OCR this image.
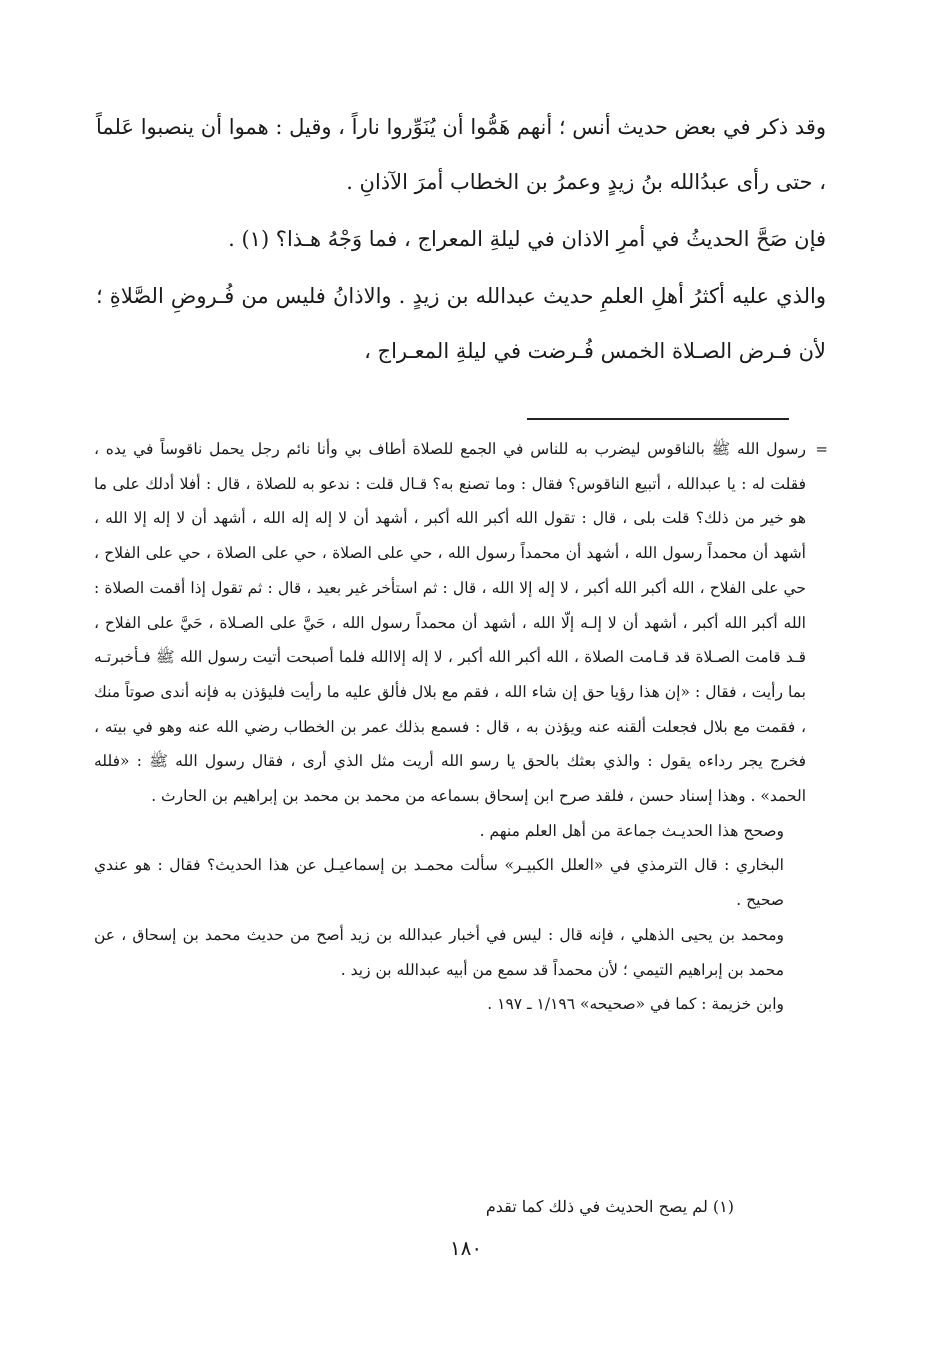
وقد ذكر في بعض حديث أنس ؛ أنهم هَمُّوا أن يُنَوِّروا ناراً ، وقيل : هموا أن ينصبوا عَلماً ، حتى رأى عبدُالله بنُ زيدٍ وعمرُ بن الخطاب أمرَ الآذانِ .

فإن صَحَّ الحديثُ في أمرِ الاذان في ليلةِ المعراج ، فما وَجْهُ هـذا؟ (١) .

والذي عليه أكثرُ أهلِ العلمِ حديث عبدالله بن زيدٍ . والاذانُ فليس من فُـروضِ الصَّلاةِ ؛ لأن فـرض الصـلاة الخمس فُـرضت في ليلةِ المعـراج ،

=

رسول الله ﷺ بالناقوس ليضرب به للناس في الجمع للصلاة أطاف بي وأنا نائم رجل يحمل ناقوساً في يده ، فقلت له : يا عبدالله ، أتبيع الناقوس؟ فقال : وما تصنع به؟ قـال قلت : ندعو به للصلاة ، قال : أفلا أدلك على ما هو خير من ذلك؟ قلت بلى ، قال : تقول الله أكبر الله أكبر ، أشهد أن لا إله إله الله ، أشهد أن لا إله إلا الله ، أشهد أن محمداً رسول الله ، أشهد أن محمداً رسول الله ، حي على الصلاة ، حي على الصلاة ، حي على الفلاح ، حي على الفلاح ، الله أكبر الله أكبر ، لا إله إلا الله ، قال : ثم استأخر غير بعيد ، قال : ثم تقول إذا أقمت الصلاة : الله أكبر الله أكبر ، أشهد أن لا إلـه إلّا الله ، أشهد أن محمداً رسول الله ، حَيَّ على الصـلاة ، حَيَّ على الفلاح ، قـد قامت الصـلاة قد قـامت الصلاة ، الله أكبر الله أكبر ، لا إله إلاالله فلما أصبحت أتيت رسول الله ﷺ فـأخبرتـه بما رأيت ، فقال : «إن هذا رؤيا حق إن شاء الله ، فقم مع بلال فألق عليه ما رأيت فليؤذن به فإنه أندى صوتاً منك ، فقمت مع بلال فجعلت ألقنه عنه ويؤذن به ، قال : فسمع بذلك عمر بن الخطاب رضي الله عنه وهو في بيته ، فخرج يجر رداءه يقول : والذي بعثك بالحق يا رسو الله أريت مثل الذي أرى ، فقال رسول الله ﷺ : «فلله الحمد» . وهذا إسناد حسن ، فلقد صرح ابن إسحاق بسماعه من محمد بن محمد بن إبراهيم بن الحارث .

وصحح هذا الحديـث جماعة من أهل العلم منهم .

البخاري : قال الترمذي في «العلل الكبيـر» سألت محمـد بن إسماعيـل عن هذا الحديث؟ فقال : هو عندي صحيح .

ومحمد بن يحيى الذهلي ، فإنه قال : ليس في أخبار عبدالله بن زيد أصح من حديث محمد بن إسحاق ، عن محمد بن إبراهيم التيمي ؛ لأن محمداً قد سمع من أبيه عبدالله بن زيد .

وابن خزيمة : كما في «صحيحه» ١/١٩٦ ـ ١٩٧ .

(١) لم يصح الحديث في ذلك كما تقدم
١٨٠
